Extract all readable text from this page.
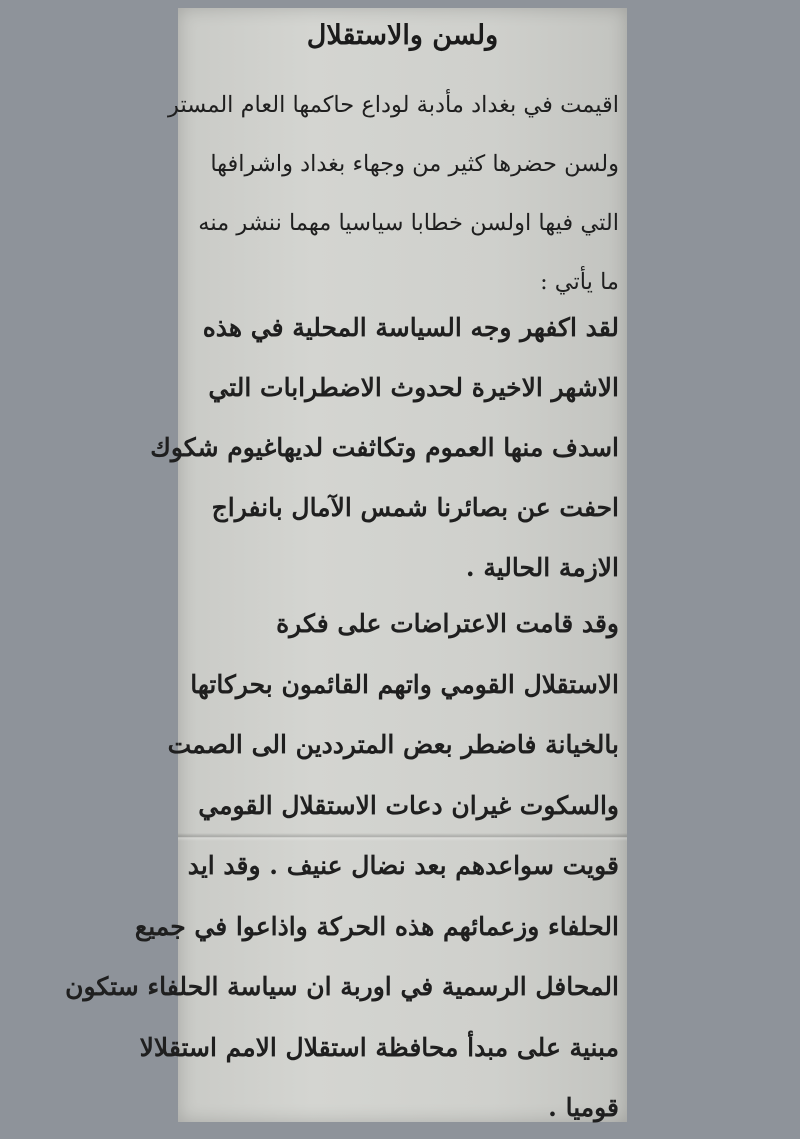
ولسن والاستقلال
اقيمت في بغداد مأدبة لوداع حاكمها العام المستر
ولسن حضرها كثير من وجهاء بغداد واشرافها
التي فيها اولسن خطابا سياسيا مهما ننشر منه
ما يأتي :
لقد اكفهر وجه السياسة المحلية في هذه
الاشهر الاخيرة لحدوث الاضطرابات التي
اسدف منها العموم وتكاثفت لديهاغيوم شكوك
احفت عن بصائرنا شمس الآمال بانفراج
الازمة الحالية .
وقد قامت الاعتراضات على فكرة
الاستقلال القومي واتهم القائمون بحركاتها
بالخيانة فاضطر بعض المترددين الى الصمت
والسكوت غيران دعات الاستقلال القومي
قويت سواعدهم بعد نضال عنيف . وقد ايد
الحلفاء وزعمائهم هذه الحركة واذاعوا في جميع
المحافل الرسمية في اوربة ان سياسة الحلفاء ستكون
مبنية على مبدأ محافظة استقلال الامم استقلالا
قوميا .
